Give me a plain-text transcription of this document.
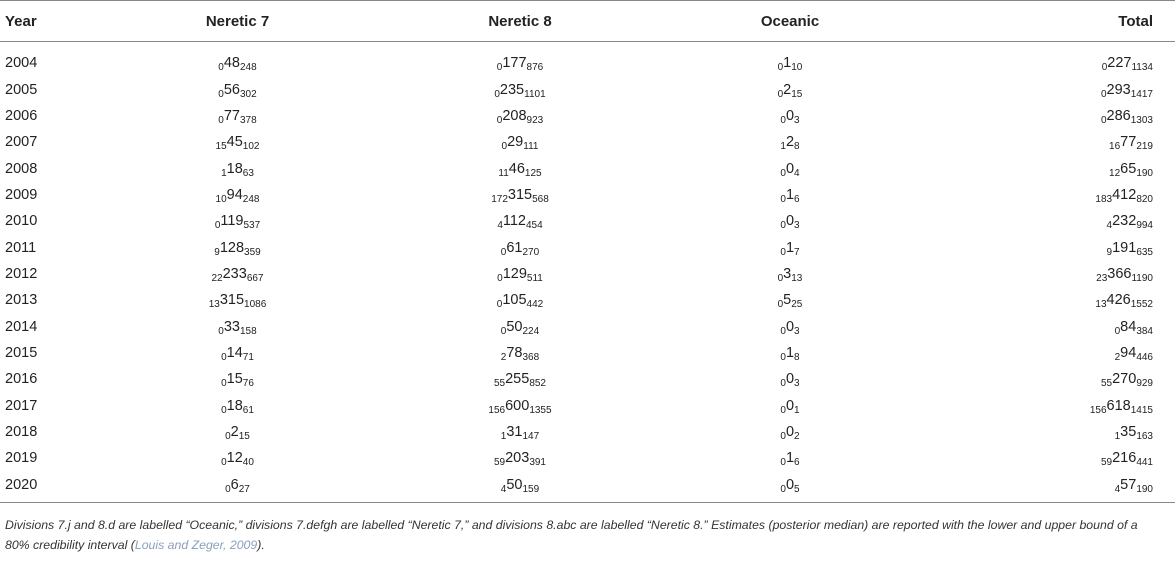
Year	Neretic 7	Neretic 8	Oceanic	Total
2004	$_048_{248}$	$_0177_{876}$	$_01_{10}$	$_0227_{1134}$
2005	$_056_{302}$	$_0235_{1101}$	$_02_{15}$	$_0293_{1417}$
2006	$_077_{378}$	$_0208_{923}$	$_00_3$	$_0286_{1303}$
2007	$_{15}45_{102}$	$_029_{111}$	$_12_8$	$_{16}77_{219}$
2008	$_118_{63}$	$_{11}46_{125}$	$_00_4$	$_{12}65_{190}$
2009	$_{10}94_{248}$	$_{172}315_{568}$	$_01_6$	$_{183}412_{820}$
2010	$_0119_{537}$	$_4112_{454}$	$_00_3$	$_4232_{994}$
2011	$_9128_{359}$	$_061_{270}$	$_01_7$	$_9191_{635}$
2012	$_{22}233_{667}$	$_0129_{511}$	$_03_{13}$	$_{23}366_{1190}$
2013	$_{13}315_{1086}$	$_0105_{442}$	$_05_{25}$	$_{13}426_{1552}$
2014	$_033_{158}$	$_050_{224}$	$_00_3$	$_084_{384}$
2015	$_014_{71}$	$_278_{368}$	$_01_8$	$_294_{446}$
2016	$_015_{76}$	$_{55}255_{852}$	$_00_3$	$_{55}270_{929}$
2017	$_018_{61}$	$_{156}600_{1355}$	$_00_1$	$_{156}618_{1415}$
2018	$_02_{15}$	$_131_{147}$	$_00_2$	$_135_{163}$
2019	$_012_{40}$	$_{59}203_{391}$	$_01_6$	$_{59}216_{441}$
2020	$_06_{27}$	$_450_{159}$	$_00_5$	$_457_{190}$
Divisions 7.j and 8.d are labelled “Oceanic,” divisions 7.defgh are labelled “Neretic 7,” and divisions 8.abc are labelled “Neretic 8.” Estimates (posterior median) are reported with the lower and upper bound of a 80% credibility interval (Louis and Zeger, 2009).
